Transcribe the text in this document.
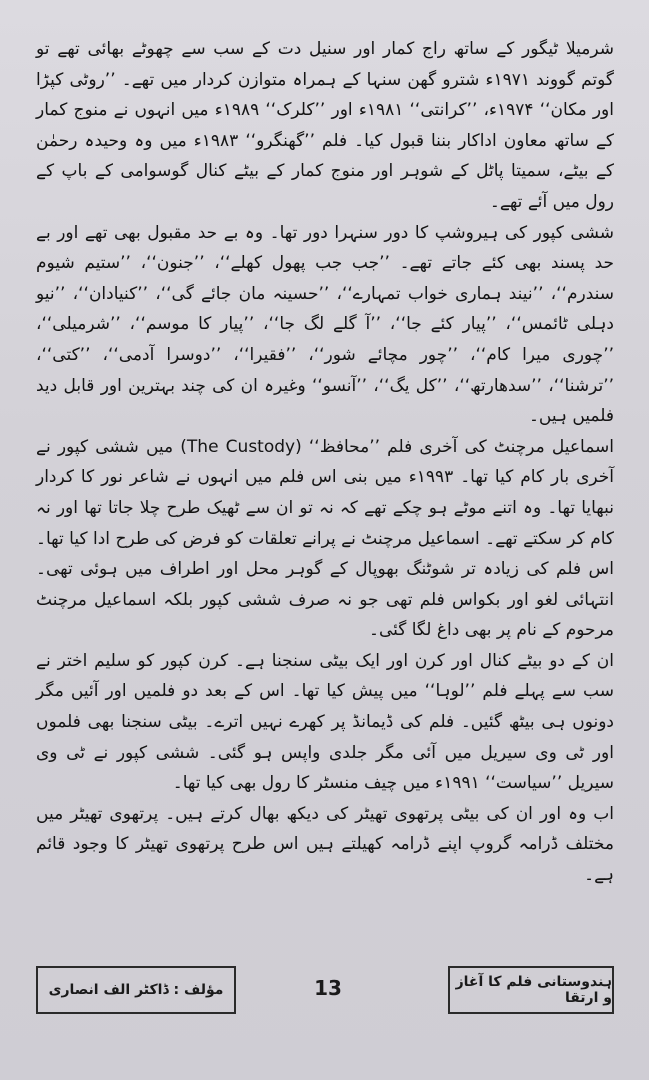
شرمیلا ٹیگور کے ساتھ راج کمار اور سنیل دت کے سب سے چھوٹے بھائی تھے تو گوتم گووند ۱۹۷۱ء شترو گھن سنہا کے ہمراہ متوازن کردار میں تھے۔ ’’روٹی کپڑا اور مکان‘‘ ۱۹۷۴ء، ’’کرانتی‘‘ ۱۹۸۱ء اور ’’کلرک‘‘ ۱۹۸۹ء میں انہوں نے منوج کمار کے ساتھ معاون اداکار بننا قبول کیا۔ فلم ’’گھنگرو‘‘ ۱۹۸۳ء میں وہ وحیدہ رحمٰن کے بیٹے، سمیتا پاٹل کے شوہر اور منوج کمار کے بیٹے کنال گوسوامی کے باپ کے رول میں آئے تھے۔

ششی کپور کی ہیروشپ کا دور سنہرا دور تھا۔ وہ بے حد مقبول بھی تھے اور بے حد پسند بھی کئے جاتے تھے۔ ’’جب جب پھول کھلے‘‘، ’’جنون‘‘، ’’ستیم شیوم سندرم‘‘، ’’نیند ہماری خواب تمہارے‘‘، ’’حسینہ مان جائے گی‘‘، ’’کنیادان‘‘، ’’نیو دہلی ٹائمس‘‘، ’’پیار کئے جا‘‘، ’’آ گلے لگ جا‘‘، ’’پیار کا موسم‘‘، ’’شرمیلی‘‘، ’’چوری میرا کام‘‘، ’’چور مچائے شور‘‘، ’’فقیرا‘‘، ’’دوسرا آدمی‘‘، ’’کتی‘‘، ’’ترشنا‘‘، ’’سدھارتھ‘‘، ’’کل یگ‘‘، ’’آنسو‘‘ وغیرہ ان کی چند بہترین اور قابل دید فلمیں ہیں۔

اسماعیل مرچنٹ کی آخری فلم ’’محافظ‘‘ (The Custody) میں ششی کپور نے آخری بار کام کیا تھا۔ ۱۹۹۳ء میں بنی اس فلم میں انہوں نے شاعر نور کا کردار نبھایا تھا۔ وہ اتنے موٹے ہو چکے تھے کہ نہ تو ان سے ٹھیک طرح چلا جاتا تھا اور نہ کام کر سکتے تھے۔ اسماعیل مرچنٹ نے پرانے تعلقات کو فرض کی طرح ادا کیا تھا۔ اس فلم کی زیادہ تر شوٹنگ بھوپال کے گوہر محل اور اطراف میں ہوئی تھی۔ انتہائی لغو اور بکواس فلم تھی جو نہ صرف ششی کپور بلکہ اسماعیل مرچنٹ مرحوم کے نام پر بھی داغ لگا گئی۔

ان کے دو بیٹے کنال اور کرن اور ایک بیٹی سنجنا ہے۔ کرن کپور کو سلیم اختر نے سب سے پہلے فلم ’’لوہا‘‘ میں پیش کیا تھا۔ اس کے بعد دو فلمیں اور آئیں مگر دونوں ہی بیٹھ گئیں۔ فلم کی ڈیمانڈ پر کھرے نہیں اترے۔ بیٹی سنجنا بھی فلموں اور ٹی وی سیریل میں آئی مگر جلدی واپس ہو گئی۔ ششی کپور نے ٹی وی سیریل ’’سیاست‘‘ ۱۹۹۱ء میں چیف منسٹر کا رول بھی کیا تھا۔

اب وہ اور ان کی بیٹی پرتھوی تھیٹر کی دیکھ بھال کرتے ہیں۔ پرتھوی تھیٹر میں مختلف ڈرامہ گروپ اپنے ڈرامہ کھیلتے ہیں اس طرح پرتھوی تھیٹر کا وجود قائم ہے۔

مؤلف : ڈاکٹر الف انصاری	13	ہندوستانی فلم کا آغاز و ارتقا
